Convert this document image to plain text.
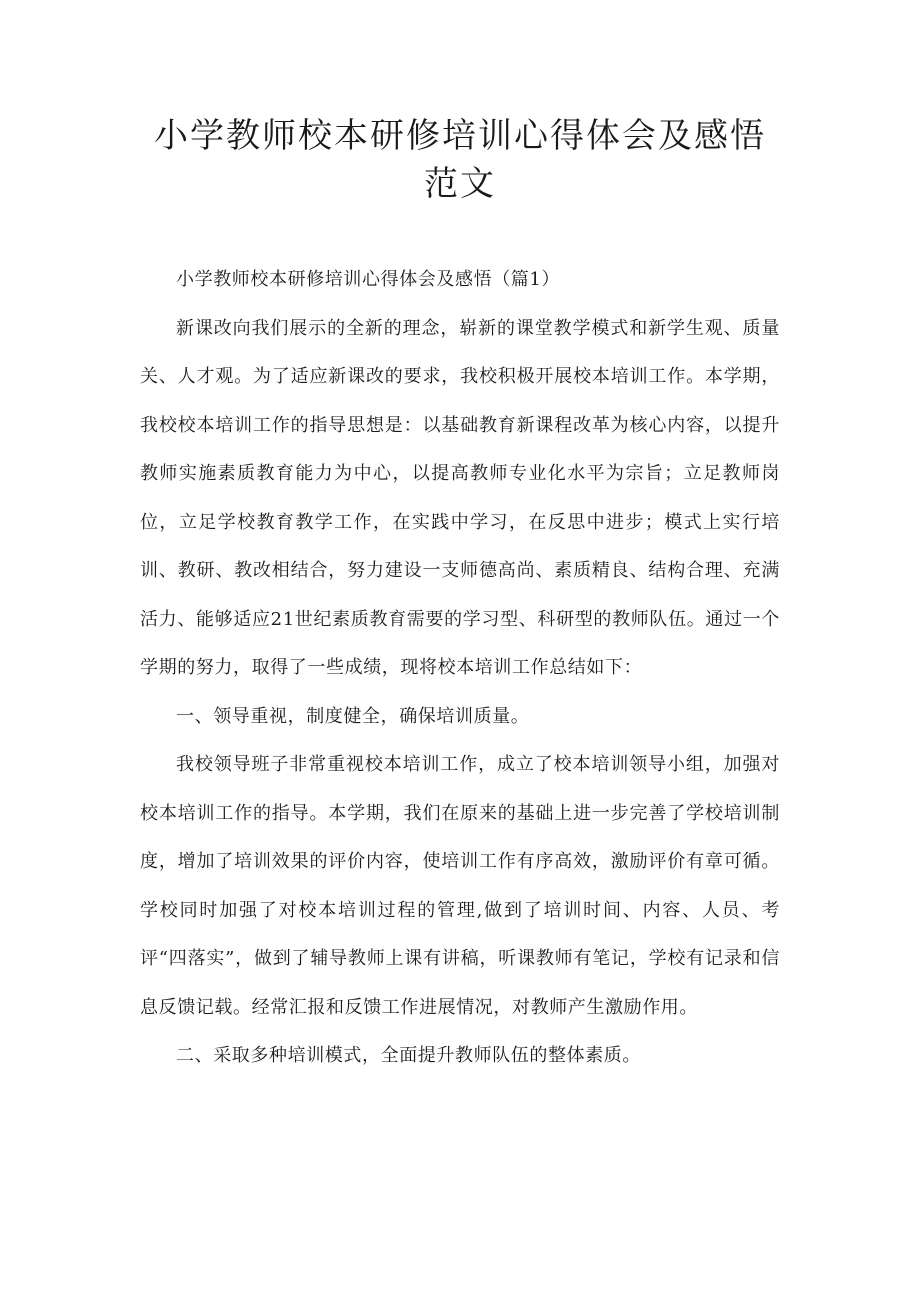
小学教师校本研修培训心得体会及感悟范文

小学教师校本研修培训心得体会及感悟（篇1）

新课改向我们展示的全新的理念，崭新的课堂教学模式和新学生观、质量关、人才观。为了适应新课改的要求，我校积极开展校本培训工作。本学期，我校校本培训工作的指导思想是：以基础教育新课程改革为核心内容，以提升教师实施素质教育能力为中心，以提高教师专业化水平为宗旨；立足教师岗位，立足学校教育教学工作，在实践中学习，在反思中进步；模式上实行培训、教研、教改相结合，努力建设一支师德高尚、素质精良、结构合理、充满活力、能够适应21世纪素质教育需要的学习型、科研型的教师队伍。通过一个学期的努力，取得了一些成绩，现将校本培训工作总结如下：

一、领导重视，制度健全，确保培训质量。

我校领导班子非常重视校本培训工作，成立了校本培训领导小组，加强对校本培训工作的指导。本学期，我们在原来的基础上进一步完善了学校培训制度，增加了培训效果的评价内容，使培训工作有序高效，激励评价有章可循。学校同时加强了对校本培训过程的管理,做到了培训时间、内容、人员、考评“四落实”，做到了辅导教师上课有讲稿，听课教师有笔记，学校有记录和信息反馈记载。经常汇报和反馈工作进展情况，对教师产生激励作用。

二、采取多种培训模式，全面提升教师队伍的整体素质。
